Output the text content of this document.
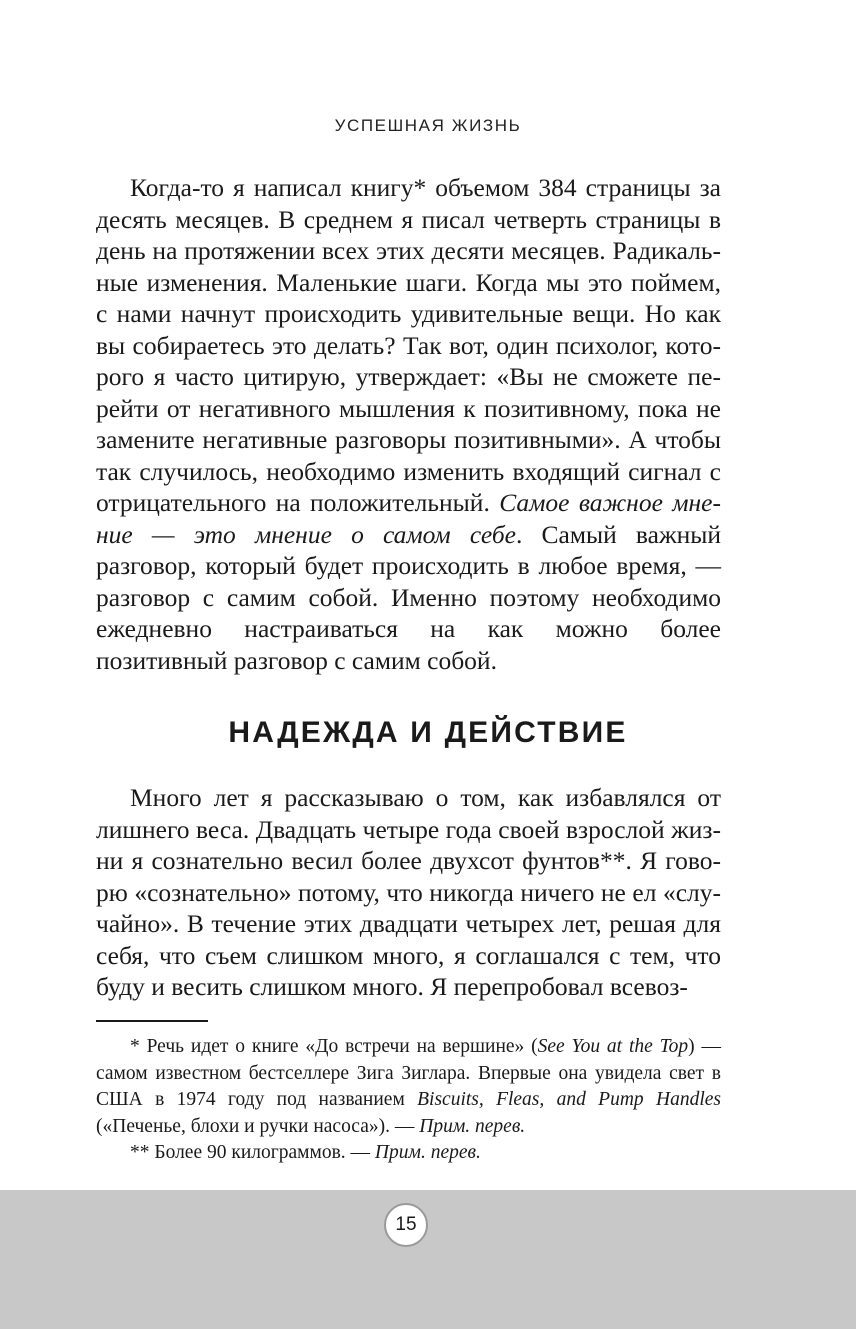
УСПЕШНАЯ ЖИЗНЬ

Когда-то я написал книгу* объемом 384 страницы за десять месяцев. В среднем я писал четверть страницы в день на протяжении всех этих десяти месяцев. Радикальные изменения. Маленькие шаги. Когда мы это поймем, с нами начнут происходить удивительные вещи. Но как вы собираетесь это делать? Так вот, один психолог, которого я часто цитирую, утверждает: «Вы не сможете перейти от негативного мышления к позитивному, пока не замените негативные разговоры позитивными». А чтобы так случилось, необходимо изменить входящий сигнал с отрицательного на положительный. Самое важное мнение — это мнение о самом себе. Самый важный разговор, который будет происходить в любое время, — разговор с самим собой. Именно поэтому необходимо ежедневно настраиваться на как можно более позитивный разговор с самим собой.

НАДЕЖДА И ДЕЙСТВИЕ

Много лет я рассказываю о том, как избавлялся от лишнего веса. Двадцать четыре года своей взрослой жизни я сознательно весил более двухсот фунтов**. Я говорю «сознательно» потому, что никогда ничего не ел «случайно». В течение этих двадцати четырех лет, решая для себя, что съем слишком много, я соглашался с тем, что буду и весить слишком много. Я перепробовал всевоз-

* Речь идет о книге «До встречи на вершине» (See You at the Top) — самом известном бестселлере Зига Зиглара. Впервые она увидела свет в США в 1974 году под названием Biscuits, Fleas, and Pump Handles («Печенье, блохи и ручки насоса»). — Прим. перев.

** Более 90 килограммов. — Прим. перев.

15
